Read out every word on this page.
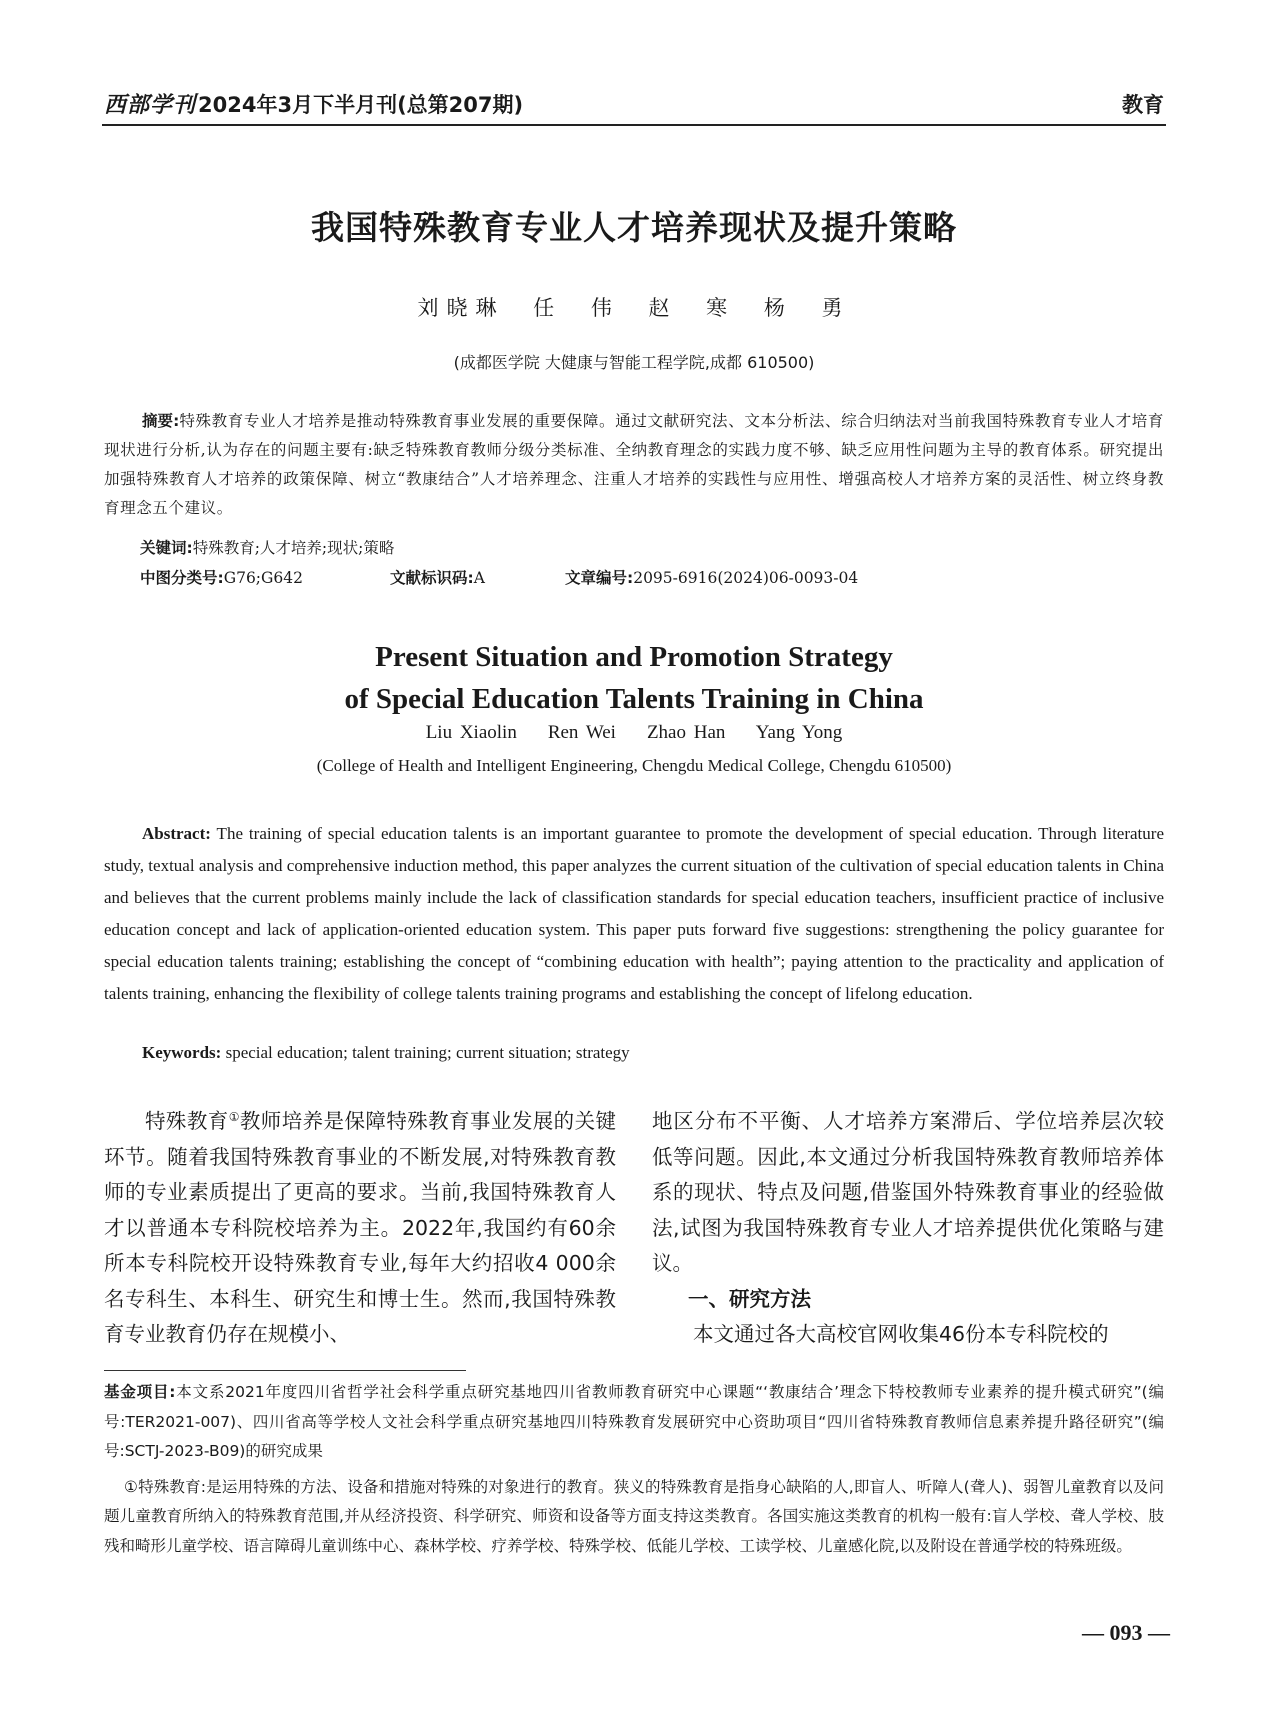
西部学刊 2024年3月下半月刊(总第207期)	教育
我国特殊教育专业人才培养现状及提升策略
刘晓琳 任 伟 赵 寒 杨 勇
(成都医学院 大健康与智能工程学院,成都 610500)
摘要:特殊教育专业人才培养是推动特殊教育事业发展的重要保障。通过文献研究法、文本分析法、综合归纳法对当前我国特殊教育专业人才培育现状进行分析,认为存在的问题主要有:缺乏特殊教育教师分级分类标准、全纳教育理念的实践力度不够、缺乏应用性问题为主导的教育体系。研究提出加强特殊教育人才培养的政策保障、树立“教康结合”人才培养理念、注重人才培养的实践性与应用性、增强高校人才培养方案的灵活性、树立终身教育理念五个建议。
关键词:特殊教育;人才培养;现状;策略
中图分类号:G76;G642	文献标识码:A	文章编号:2095-6916(2024)06-0093-04
Present Situation and Promotion Strategy
of Special Education Talents Training in China
Liu Xiaolin    Ren Wei    Zhao Han    Yang Yong
(College of Health and Intelligent Engineering, Chengdu Medical College, Chengdu 610500)
Abstract: The training of special education talents is an important guarantee to promote the development of special education. Through literature study, textual analysis and comprehensive induction method, this paper analyzes the current situation of the cultivation of special education talents in China and believes that the current problems mainly include the lack of classification standards for special education teachers, insufficient practice of inclusive education concept and lack of application-oriented education system. This paper puts forward five suggestions: strengthening the policy guarantee for special education talents training; establishing the concept of “combining education with health”; paying attention to the practicality and application of talents training, enhancing the flexibility of college talents training programs and establishing the concept of lifelong education.
Keywords: special education; talent training; current situation; strategy

特殊教育①教师培养是保障特殊教育事业发展的关键环节。随着我国特殊教育事业的不断发展,对特殊教育教师的专业素质提出了更高的要求。当前,我国特殊教育人才以普通本专科院校培养为主。2022年,我国约有60余所本专科院校开设特殊教育专业,每年大约招收4 000余名专科生、本科生、研究生和博士生。然而,我国特殊教育专业教育仍存在规模小、

地区分布不平衡、人才培养方案滞后、学位培养层次较低等问题。因此,本文通过分析我国特殊教育教师培养体系的现状、特点及问题,借鉴国外特殊教育事业的经验做法,试图为我国特殊教育专业人才培养提供优化策略与建议。

一、研究方法

本文通过各大高校官网收集46份本专科院校的

基金项目:本文系2021年度四川省哲学社会科学重点研究基地四川省教师教育研究中心课题“‘教康结合’理念下特校教师专业素养的提升模式研究”(编号:TER2021-007)、四川省高等学校人文社会科学重点研究基地四川特殊教育发展研究中心资助项目“四川省特殊教育教师信息素养提升路径研究”(编号:SCTJ-2023-B09)的研究成果

①特殊教育:是运用特殊的方法、设备和措施对特殊的对象进行的教育。狭义的特殊教育是指身心缺陷的人,即盲人、听障人(聋人)、弱智儿童教育以及问题儿童教育所纳入的特殊教育范围,并从经济投资、科学研究、师资和设备等方面支持这类教育。各国实施这类教育的机构一般有:盲人学校、聋人学校、肢残和畸形儿童学校、语言障碍儿童训练中心、森林学校、疗养学校、特殊学校、低能儿学校、工读学校、儿童感化院,以及附设在普通学校的特殊班级。

— 093 —
